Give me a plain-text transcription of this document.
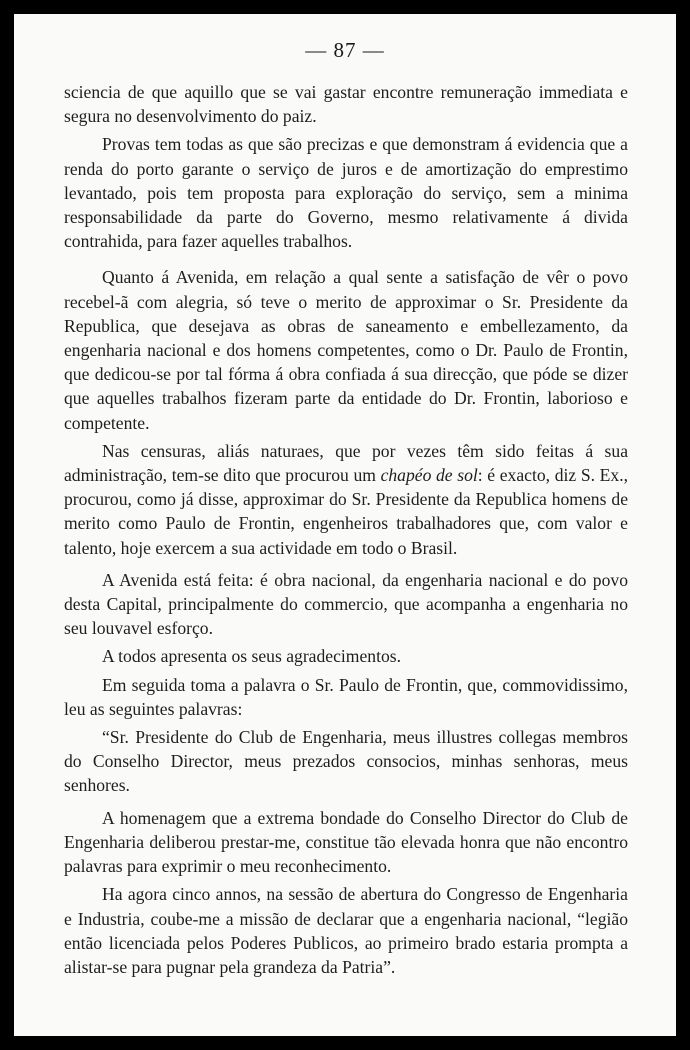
— 87 —

sciencia de que aquillo que se vai gastar encontre remuneração immediata e segura no desenvolvimento do paiz.

Provas tem todas as que são precizas e que demonstram á evidencia que a renda do porto garante o serviço de juros e de amortização do emprestimo levantado, pois tem proposta para exploração do serviço, sem a minima responsabilidade da parte do Governo, mesmo relativamente á divida contrahida, para fazer aquelles trabalhos.

Quanto á Avenida, em relação a qual sente a satisfação de vêr o povo recebel-ã com alegria, só teve o merito de approximar o Sr. Presidente da Republica, que desejava as obras de saneamento e embellezamento, da engenharia nacional e dos homens competentes, como o Dr. Paulo de Frontin, que dedicou-se por tal fórma á obra confiada á sua direcção, que póde se dizer que aquelles trabalhos fizeram parte da entidade do Dr. Frontin, laborioso e competente.

Nas censuras, aliás naturaes, que por vezes têm sido feitas á sua administração, tem-se dito que procurou um chapéo de sol: é exacto, diz S. Ex., procurou, como já disse, approximar do Sr. Presidente da Republica homens de merito como Paulo de Frontin, engenheiros trabalhadores que, com valor e talento, hoje exercem a sua actividade em todo o Brasil.

A Avenida está feita: é obra nacional, da engenharia nacional e do povo desta Capital, principalmente do commercio, que acompanha a engenharia no seu louvavel esforço.

A todos apresenta os seus agradecimentos.

Em seguida toma a palavra o Sr. Paulo de Frontin, que, commovidissimo, leu as seguintes palavras:

“Sr. Presidente do Club de Engenharia, meus illustres collegas membros do Conselho Director, meus prezados consocios, minhas senhoras, meus senhores.

A homenagem que a extrema bondade do Conselho Director do Club de Engenharia deliberou prestar-me, constitue tão elevada honra que não encontro palavras para exprimir o meu reconhecimento.

Ha agora cinco annos, na sessão de abertura do Congresso de Engenharia e Industria, coube-me a missão de declarar que a engenharia nacional, “legião então licenciada pelos Poderes Publicos, ao primeiro brado estaria prompta a alistar-se para pugnar pela grandeza da Patria”.
